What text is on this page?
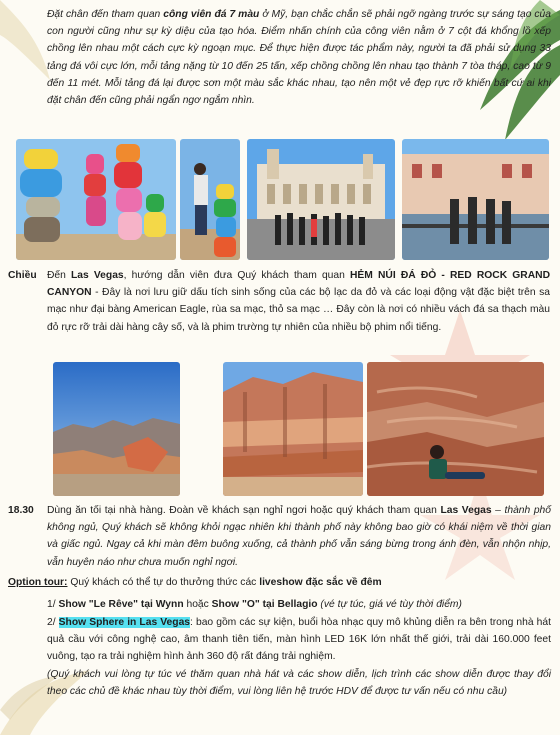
Đặt chân đến tham quan công viên đá 7 màu ở Mỹ, bạn chắc chắn sẽ phải ngỡ ngàng trước sự sáng tạo của con người cũng như sự kỳ diệu của tạo hóa. Điểm nhấn chính của công viên nằm ở 7 cột đá khổng lồ xếp chồng lên nhau một cách cực kỳ ngoạn mục. Để thực hiện được tác phẩm này, người ta đã phải sử dụng 33 tảng đá vôi cực lớn, mỗi tảng nặng từ 10 đến 25 tấn, xếp chồng chồng lên nhau tạo thành 7 tòa tháp, cao từ 9 đến 11 mét. Mỗi tảng đá lại được sơn một màu sắc khác nhau, tạo nên một vẻ đẹp rực rỡ khiến bất cứ ai khi đặt chân đến cũng phải ngẩn ngơ ngắm nhìn.
Chiều Đến Las Vegas, hướng dẫn viên đưa Quý khách tham quan HẺM NÚI ĐÁ ĐỎ - RED ROCK GRAND CANYON - Đây là nơi lưu giữ dấu tích sinh sống của các bộ lạc da đỏ và các loại động vật đặc biệt trên sa mạc như đại bàng American Eagle, rùa sa mạc, thỏ sa mạc … Đây còn là nơi có nhiều vách đá sa thạch màu đỏ rực rỡ trải dài hàng cây số, và là phim trường tự nhiên của nhiều bộ phim nổi tiếng.
18.30 Dùng ăn tối tại nhà hàng. Đoàn về khách sạn nghỉ ngơi hoặc quý khách tham quan Las Vegas – thành phố không ngủ, Quý khách sẽ không khỏi ngạc nhiên khi thành phố này không bao giờ có khái niệm về thời gian và giấc ngủ. Ngay cả khi màn đêm buông xuống, cả thành phố vẫn sáng bừng trong ánh đèn, vẫn nhộn nhịp, vẫn huyên náo như chưa muốn nghỉ ngơi.
Option tour: Quý khách có thể tự do thưởng thức các liveshow đặc sắc về đêm
1/ Show "Le Rêve" tại Wynn hoặc Show "O" tại Bellagio (vé tự túc, giá vé tùy thời điểm)
2/ Show Sphere in Las Vegas: bao gồm các sự kiện, buổi hòa nhạc quy mô khủng diễn ra bên trong nhà hát quả cầu với công nghệ cao, âm thanh tiên tiến, màn hình LED 16K lớn nhất thế giới, trải dài 160.000 feet vuông, tạo ra trải nghiệm hình ảnh 360 độ rất đáng trải nghiệm.
(Quý khách vui lòng tự túc vé thăm quan nhà hát và các show diễn, lịch trình các show diễn được thay đổi theo các chủ đề khác nhau tùy thời điểm, vui lòng liên hệ trước HDV để được tư vấn nếu có nhu cầu)
